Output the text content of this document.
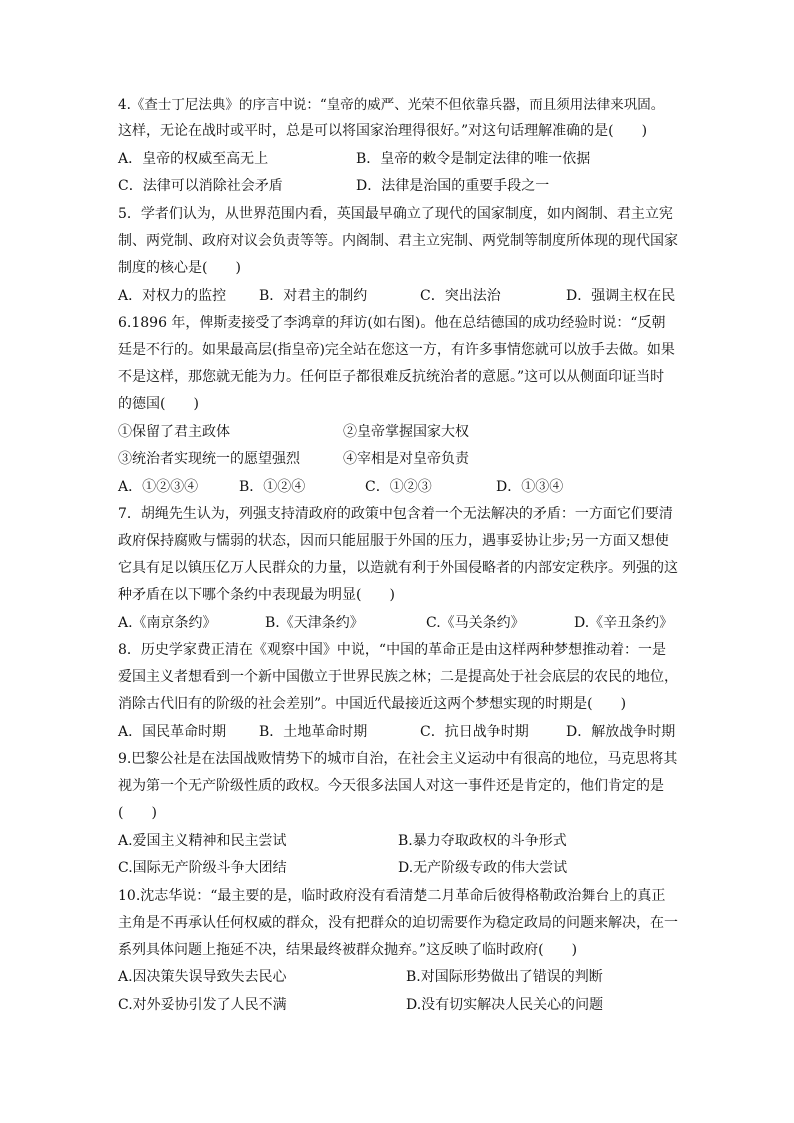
4.《查士丁尼法典》的序言中说：“皇帝的威严、光荣不但依靠兵器，而且须用法律来巩固。
这样，无论在战时或平时，总是可以将国家治理得很好。”对这句话理解准确的是(　　)
A．皇帝的权威至高无上	B．皇帝的敕令是制定法律的唯一依据
C．法律可以消除社会矛盾	D．法律是治国的重要手段之一
5．学者们认为，从世界范围内看，英国最早确立了现代的国家制度，如内阁制、君主立宪
制、两党制、政府对议会负责等等。内阁制、君主立宪制、两党制等制度所体现的现代国家
制度的核心是(　　)
A．对权力的监控 B．对君主的制约	C．突出法治	D．强调主权在民
6.1896 年，俾斯麦接受了李鸿章的拜访(如右图)。他在总结德国的成功经验时说：“反朝
廷是不行的。如果最高层(指皇帝)完全站在您这一方，有许多事情您就可以放手去做。如果
不是这样，那您就无能为力。任何臣子都很难反抗统治者的意愿。”这可以从侧面印证当时
的德国(　　)
①保留了君主政体	②皇帝掌握国家大权
③统治者实现统一的愿望强烈	④宰相是对皇帝负责
A．①②③④	B．①②④	C．①②③	D．①③④
7．胡绳先生认为，列强支持清政府的政策中包含着一个无法解决的矛盾：一方面它们要清
政府保持腐败与懦弱的状态，因而只能屈服于外国的压力，遇事妥协让步;另一方面又想使
它具有足以镇压亿万人民群众的力量，以造就有利于外国侵略者的内部安定秩序。列强的这
种矛盾在以下哪个条约中表现最为明显(　　)
A.《南京条约》	B.《天津条约》	C.《马关条约》	D.《辛丑条约》
8．历史学家费正清在《观察中国》中说，“中国的革命正是由这样两种梦想推动着：一是
爱国主义者想看到一个新中国傲立于世界民族之林；二是提高处于社会底层的农民的地位，
消除古代旧有的阶级的社会差别”。中国近代最接近这两个梦想实现的时期是(　　)
A．国民革命时期 B．土地革命时期	C．抗日战争时期	D．解放战争时期
9.巴黎公社是在法国战败情势下的城市自治，在社会主义运动中有很高的地位，马克思将其
视为第一个无产阶级性质的政权。今天很多法国人对这一事件还是肯定的，他们肯定的是
(　　)
A.爱国主义精神和民主尝试	B.暴力夺取政权的斗争形式
C.国际无产阶级斗争大团结	D.无产阶级专政的伟大尝试
10.沈志华说：“最主要的是，临时政府没有看清楚二月革命后彼得格勒政治舞台上的真正
主角是不再承认任何权威的群众，没有把群众的迫切需要作为稳定政局的问题来解决，在一
系列具体问题上拖延不决，结果最终被群众抛弃。”这反映了临时政府(　　)
A.因决策失误导致失去民心	B.对国际形势做出了错误的判断
C.对外妥协引发了人民不满	D.没有切实解决人民关心的问题
